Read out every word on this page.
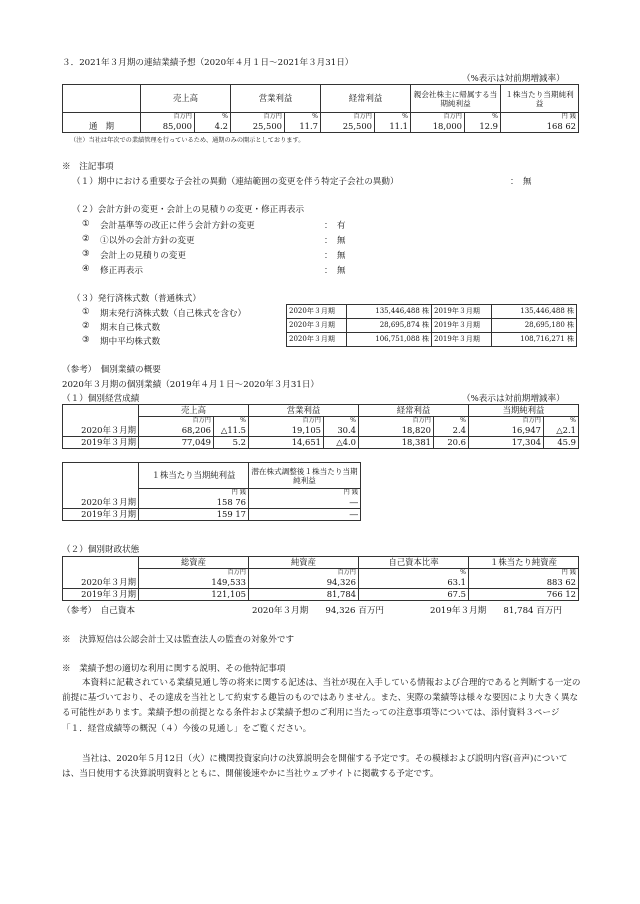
３．2021年３月期の連結業績予想（2020年４月１日～2021年３月31日）
（%表示は対前期増減率）
	売上高		営業利益		経常利益		親会社株主に帰属する当期純利益		１株当たり当期純利益

	百万円	%	百万円	%	百万円	%	百万円	%	円 銭
通　期	85,000	4.2	25,500	11.7	25,500	11.1	18,000	12.9	168 62
（注）当社は年次での業績管理を行っているため、通期のみの開示としております。
※　注記事項
（１）期中における重要な子会社の異動（連結範囲の変更を伴う特定子会社の異動）	：　無
（２）会計方針の変更・会計上の見積りの変更・修正再表示
① 会計基準等の改正に伴う会計方針の変更	：　有
② ①以外の会計方針の変更	：　無
③ 会計上の見積りの変更	：　無
④ 修正再表示	：　無
（３）発行済株式数（普通株式）
① 期末発行済株式数（自己株式を含む）
② 期末自己株式数
③ 期中平均株式数
2020年３月期	135,446,488 株	2019年３月期	135,446,488 株
2020年３月期	28,695,874 株	2019年３月期	28,695,180 株
2020年３月期	106,751,088 株	2019年３月期	108,716,271 株
（参考）　個別業績の概要
2020年３月期の個別業績（2019年４月１日～2020年３月31日）
（１）個別経営成績	（%表示は対前期増減率）
	売上高		営業利益		経常利益		当期純利益	
	百万円	%	百万円	%	百万円	%	百万円	%
2020年３月期	68,206	△11.5	19,105	30.4	18,820	2.4	16,947	△2.1
2019年３月期	77,049	5.2	14,651	△4.0	18,381	20.6	17,304	45.9
	１株当たり当期純利益	潜在株式調整後１株当たり当期純利益

	円 銭	円 銭
2020年３月期	158 76	―
2019年３月期	159 17	―
（２）個別財政状態
	総資産	純資産	自己資本比率	１株当たり純資産
	百万円	百万円	%	円 銭
2020年３月期	149,533	94,326	63.1	883 62
2019年３月期	121,105	81,784	67.5	766 12
（参考）　自己資本	2020年３月期　　94,326 百万円	2019年３月期　　81,784 百万円
※　決算短信は公認会計士又は監査法人の監査の対象外です
※　業績予想の適切な利用に関する説明、その他特記事項
本資料に記載されている業績見通し等の将来に関する記述は、当社が現在入手している情報および合理的であると判断する一定の前提に基づいており、その達成を当社として約束する趣旨のものではありません。また、実際の業績等は様々な要因により大きく異なる可能性があります。業績予想の前提となる条件および業績予想のご利用に当たっての注意事項等については、添付資料３ページ「１．経営成績等の概況（４）今後の見通し」をご覧ください。
当社は、2020年５月12日（火）に機関投資家向けの決算説明会を開催する予定です。その模様および説明内容(音声)については、当日使用する決算説明資料とともに、開催後速やかに当社ウェブサイトに掲載する予定です。
